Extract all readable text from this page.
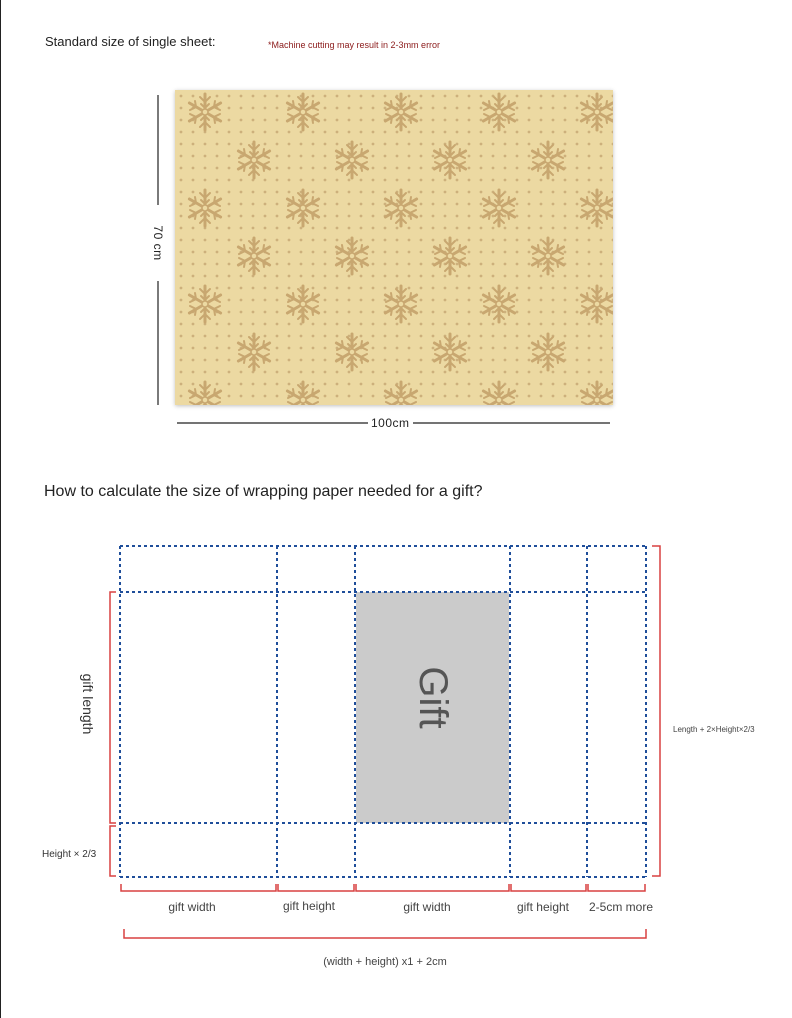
Standard size of single sheet:	*Machine cutting may result in 2-3mm error
70 cm
100cm
How to calculate the size of wrapping paper needed for a gift?
Gift
gift length
Height × 2/3
Length + 2×Height×2/3
gift width	gift height	gift width	gift height	2-5cm more
(width + height) x1 + 2cm
